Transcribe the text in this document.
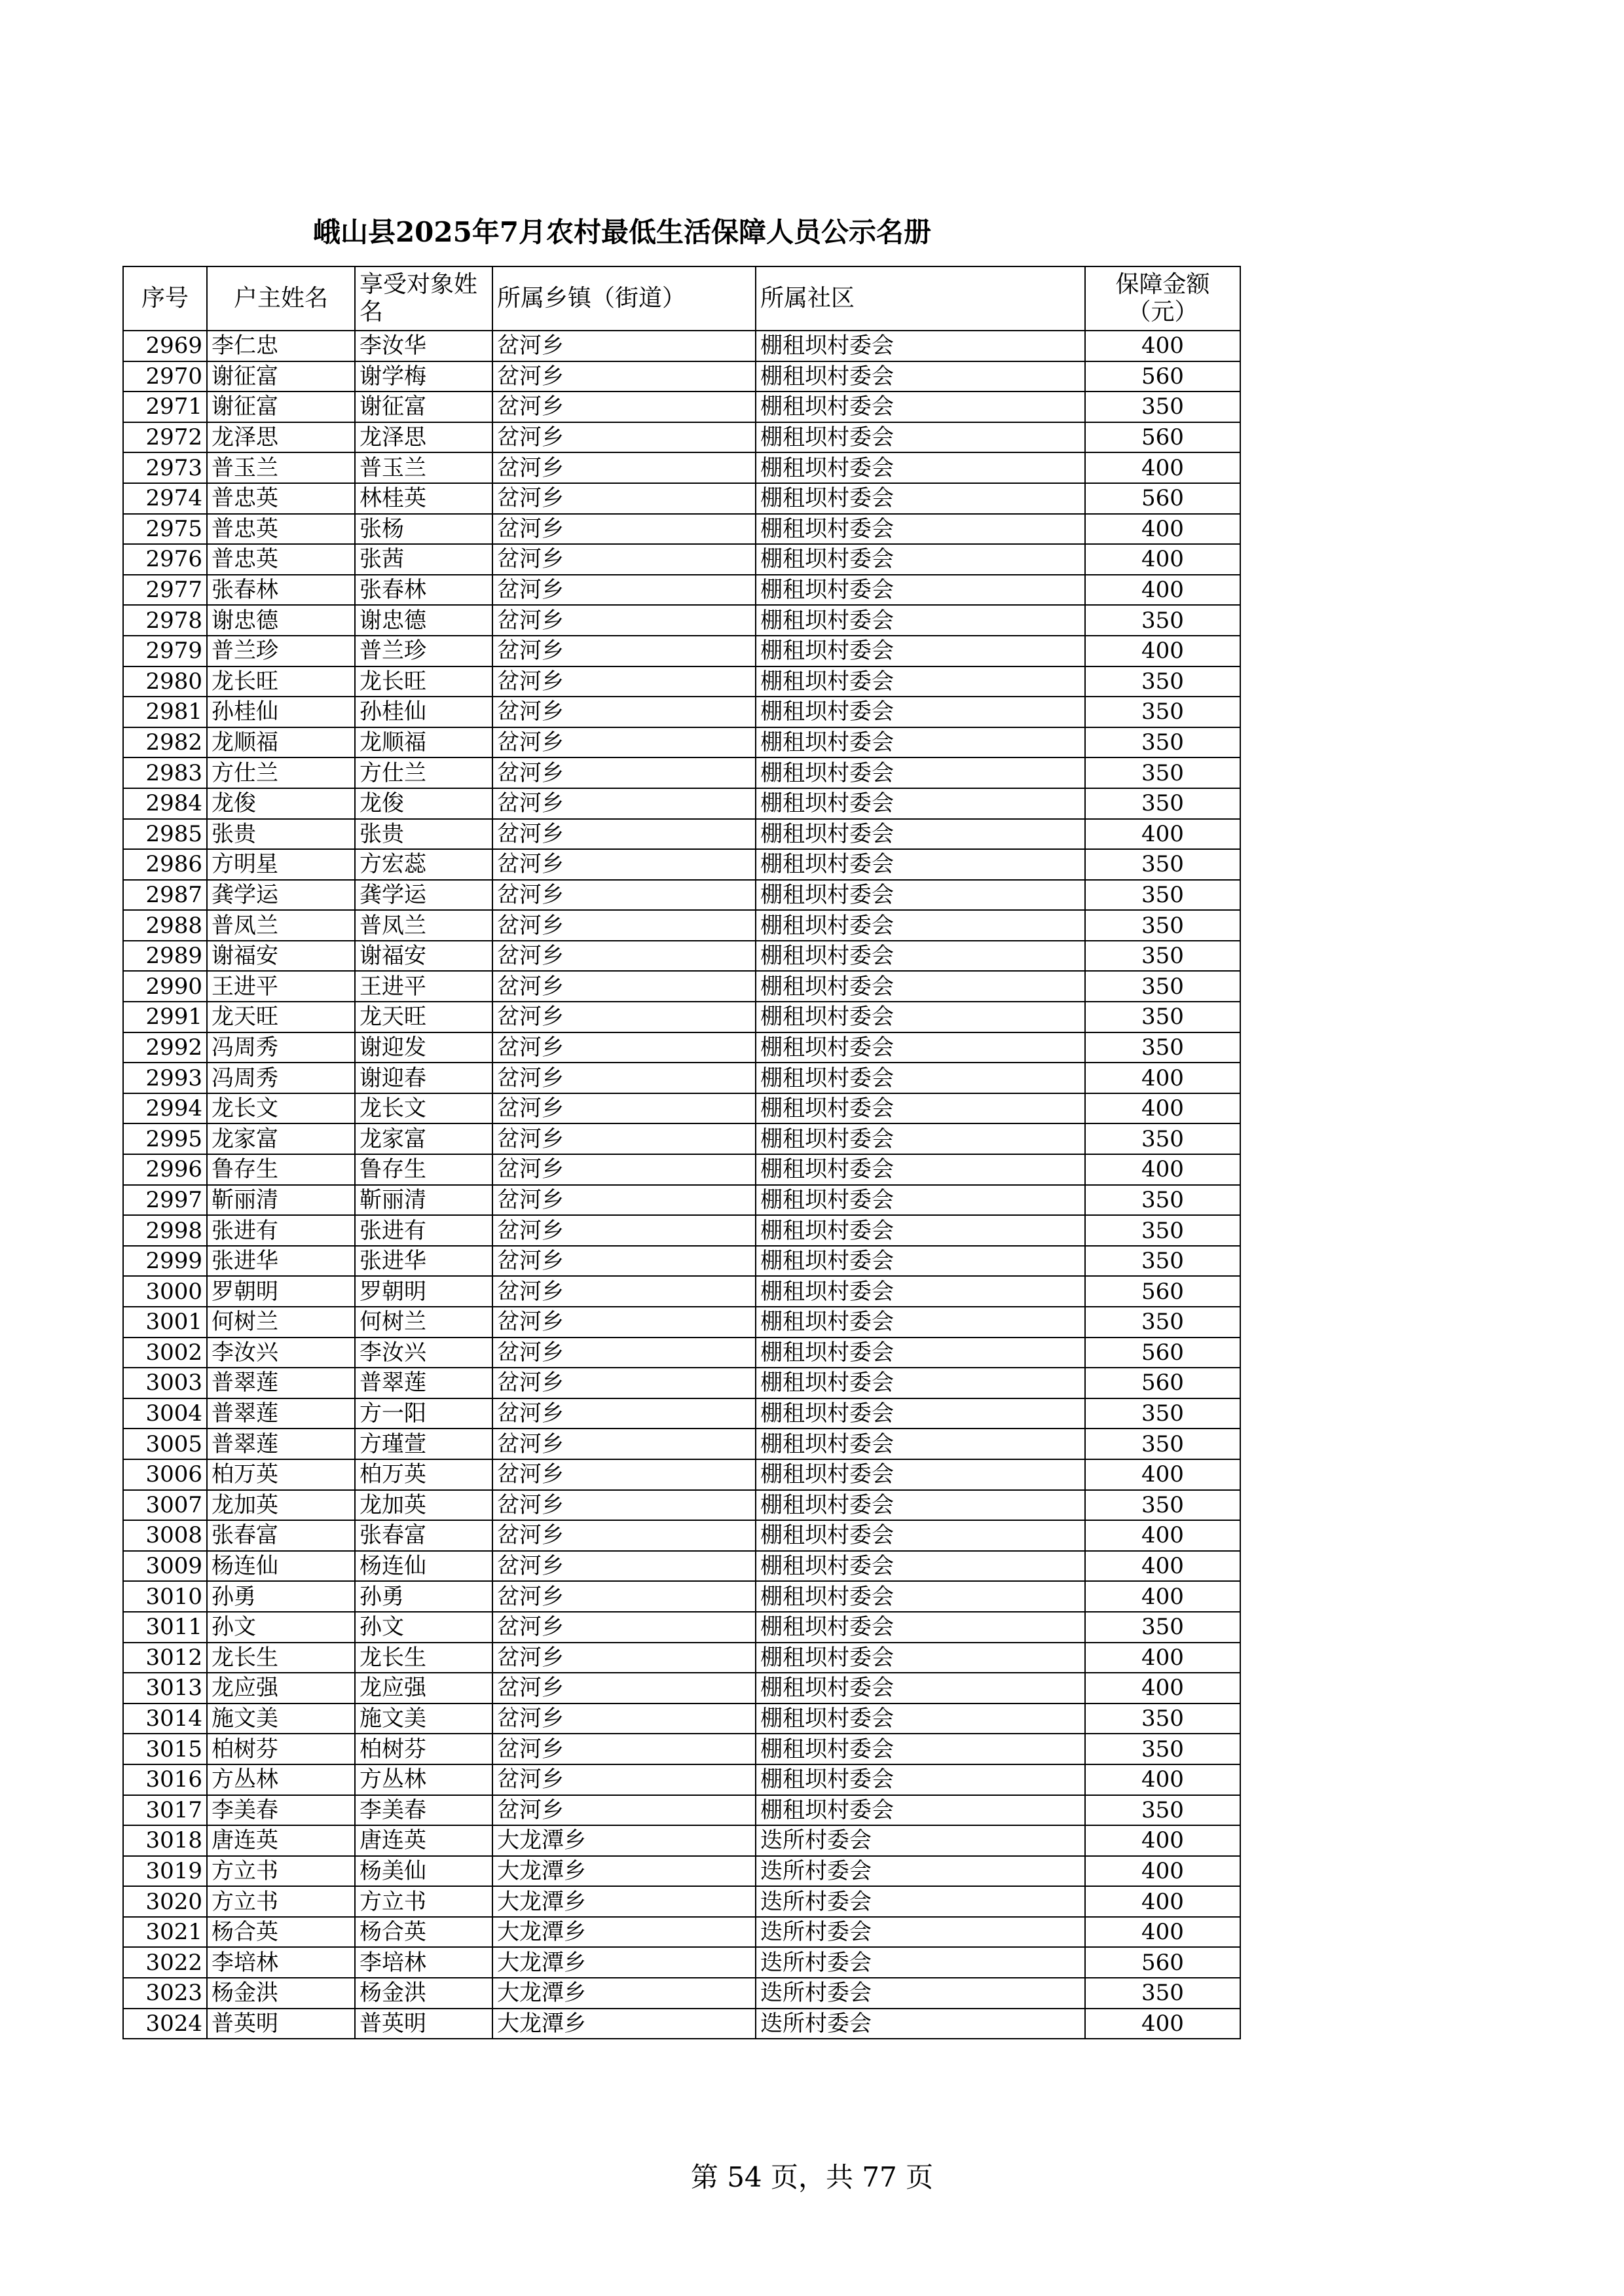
峨山县2025年7月农村最低生活保障人员公示名册
序号	户主姓名	享受对象姓名	所属乡镇（街道）	所属社区	保障金额（元）
2969	李仁忠	李汝华	岔河乡	棚租坝村委会	400
2970	谢征富	谢学梅	岔河乡	棚租坝村委会	560
2971	谢征富	谢征富	岔河乡	棚租坝村委会	350
2972	龙泽思	龙泽思	岔河乡	棚租坝村委会	560
2973	普玉兰	普玉兰	岔河乡	棚租坝村委会	400
2974	普忠英	林桂英	岔河乡	棚租坝村委会	560
2975	普忠英	张杨	岔河乡	棚租坝村委会	400
2976	普忠英	张茜	岔河乡	棚租坝村委会	400
2977	张春林	张春林	岔河乡	棚租坝村委会	400
2978	谢忠德	谢忠德	岔河乡	棚租坝村委会	350
2979	普兰珍	普兰珍	岔河乡	棚租坝村委会	400
2980	龙长旺	龙长旺	岔河乡	棚租坝村委会	350
2981	孙桂仙	孙桂仙	岔河乡	棚租坝村委会	350
2982	龙顺福	龙顺福	岔河乡	棚租坝村委会	350
2983	方仕兰	方仕兰	岔河乡	棚租坝村委会	350
2984	龙俊	龙俊	岔河乡	棚租坝村委会	350
2985	张贵	张贵	岔河乡	棚租坝村委会	400
2986	方明星	方宏蕊	岔河乡	棚租坝村委会	350
2987	龚学运	龚学运	岔河乡	棚租坝村委会	350
2988	普凤兰	普凤兰	岔河乡	棚租坝村委会	350
2989	谢福安	谢福安	岔河乡	棚租坝村委会	350
2990	王进平	王进平	岔河乡	棚租坝村委会	350
2991	龙天旺	龙天旺	岔河乡	棚租坝村委会	350
2992	冯周秀	谢迎发	岔河乡	棚租坝村委会	350
2993	冯周秀	谢迎春	岔河乡	棚租坝村委会	400
2994	龙长文	龙长文	岔河乡	棚租坝村委会	400
2995	龙家富	龙家富	岔河乡	棚租坝村委会	350
2996	鲁存生	鲁存生	岔河乡	棚租坝村委会	400
2997	靳丽清	靳丽清	岔河乡	棚租坝村委会	350
2998	张进有	张进有	岔河乡	棚租坝村委会	350
2999	张进华	张进华	岔河乡	棚租坝村委会	350
3000	罗朝明	罗朝明	岔河乡	棚租坝村委会	560
3001	何树兰	何树兰	岔河乡	棚租坝村委会	350
3002	李汝兴	李汝兴	岔河乡	棚租坝村委会	560
3003	普翠莲	普翠莲	岔河乡	棚租坝村委会	560
3004	普翠莲	方一阳	岔河乡	棚租坝村委会	350
3005	普翠莲	方瑾萱	岔河乡	棚租坝村委会	350
3006	柏万英	柏万英	岔河乡	棚租坝村委会	400
3007	龙加英	龙加英	岔河乡	棚租坝村委会	350
3008	张春富	张春富	岔河乡	棚租坝村委会	400
3009	杨连仙	杨连仙	岔河乡	棚租坝村委会	400
3010	孙勇	孙勇	岔河乡	棚租坝村委会	400
3011	孙文	孙文	岔河乡	棚租坝村委会	350
3012	龙长生	龙长生	岔河乡	棚租坝村委会	400
3013	龙应强	龙应强	岔河乡	棚租坝村委会	400
3014	施文美	施文美	岔河乡	棚租坝村委会	350
3015	柏树芬	柏树芬	岔河乡	棚租坝村委会	350
3016	方丛林	方丛林	岔河乡	棚租坝村委会	400
3017	李美春	李美春	岔河乡	棚租坝村委会	350
3018	唐连英	唐连英	大龙潭乡	迭所村委会	400
3019	方立书	杨美仙	大龙潭乡	迭所村委会	400
3020	方立书	方立书	大龙潭乡	迭所村委会	400
3021	杨合英	杨合英	大龙潭乡	迭所村委会	400
3022	李培林	李培林	大龙潭乡	迭所村委会	560
3023	杨金洪	杨金洪	大龙潭乡	迭所村委会	350
3024	普英明	普英明	大龙潭乡	迭所村委会	400
第 54 页，共 77 页
